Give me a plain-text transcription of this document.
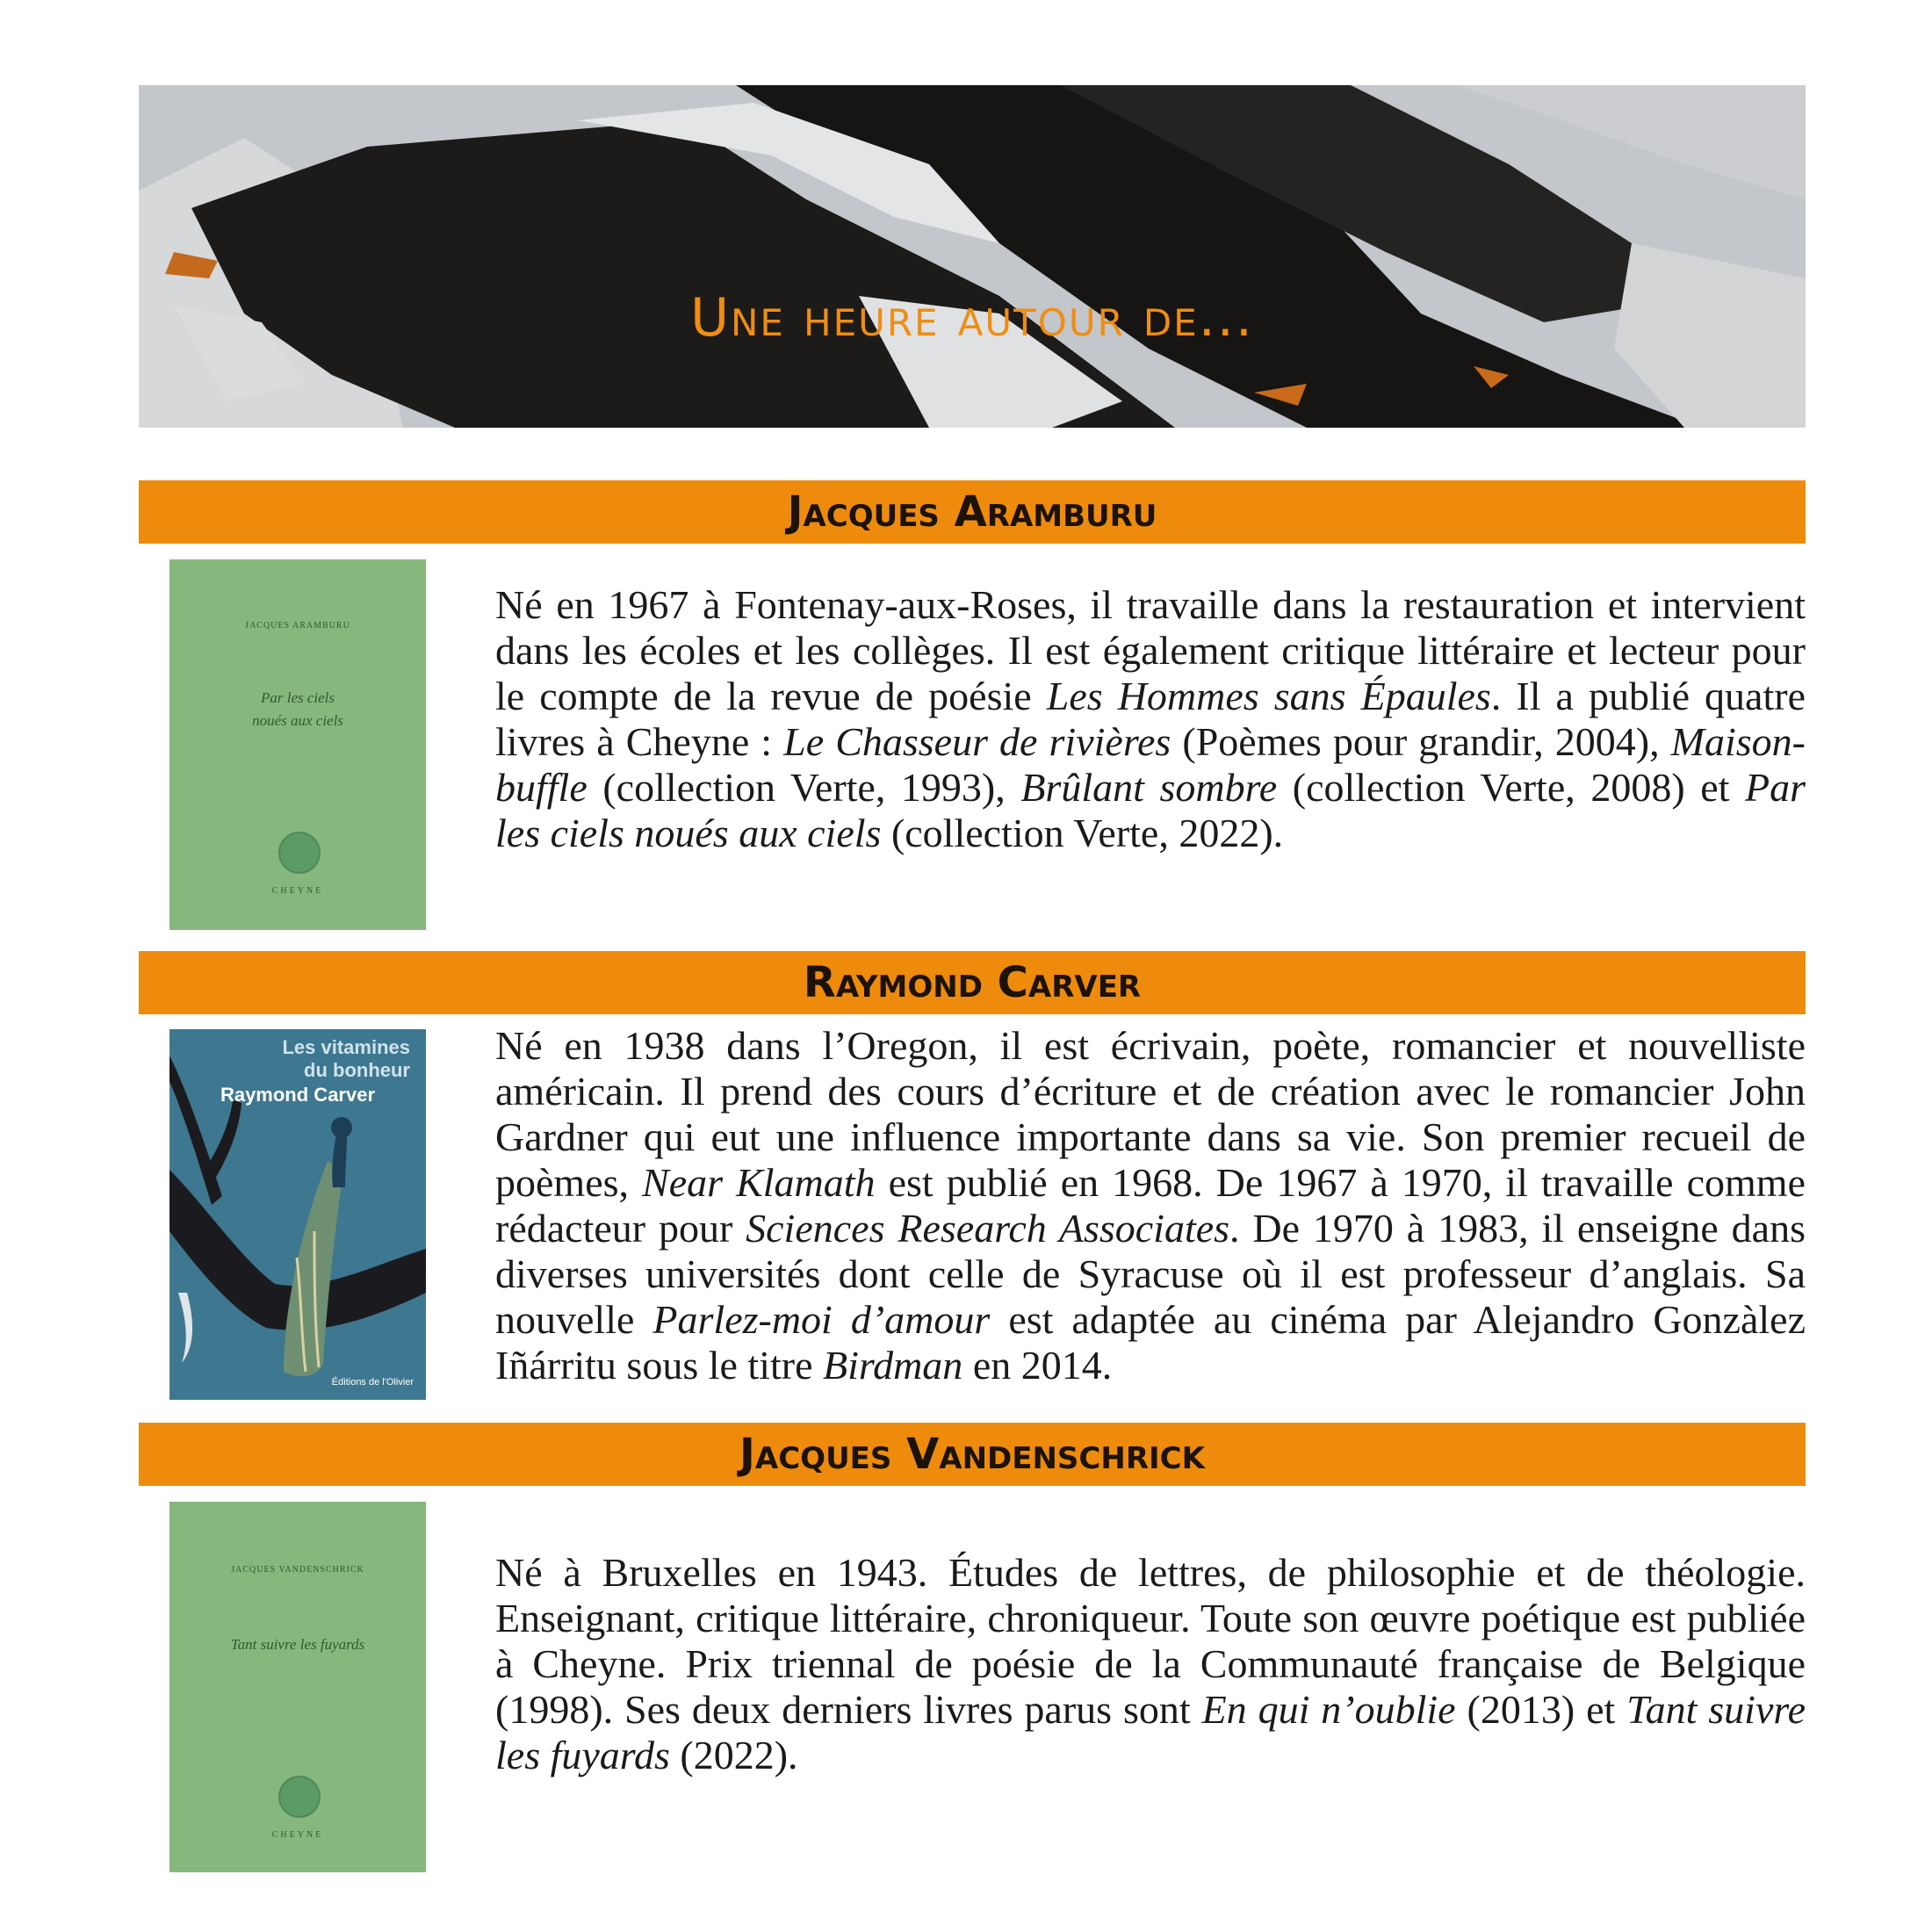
Une heure autour de...
Jacques Aramburu
JACQUES ARAMBURU
Par les ciels
noués aux ciels
CHEYNE

Né en 1967 à Fontenay-aux-Roses, il travaille dans la restauration et intervient dans les écoles et les collèges. Il est également critique littéraire et lecteur pour le compte de la revue de poésie Les Hommes sans Épaules. Il a publié quatre livres à Cheyne : Le Chasseur de rivières (Poèmes pour grandir, 2004), Maison-buffle (collection Verte, 1993), Brûlant sombre (collection Verte, 2008) et Par les ciels noués aux ciels (collection Verte, 2022).

Raymond Carver
Les vitamines
du bonheur
Raymond Carver
Éditions de l'Olivier

Né en 1938 dans l’Oregon, il est écrivain, poète, romancier et nouvelliste américain. Il prend des cours d’écriture et de création avec le romancier John Gardner qui eut une influence importante dans sa vie. Son premier recueil de poèmes, Near Klamath est publié en 1968. De 1967 à 1970, il travaille comme rédacteur pour Sciences Research Associates. De 1970 à 1983, il enseigne dans diverses universités dont celle de Syracuse où il est professeur d’anglais. Sa nouvelle Parlez-moi d’amour est adaptée au cinéma par Alejandro Gonzàlez Iñárritu sous le titre Birdman en 2014.

Jacques Vandenschrick
JACQUES VANDENSCHRICK
Tant suivre les fuyards
CHEYNE

Né à Bruxelles en 1943. Études de lettres, de philosophie et de théologie. Enseignant, critique littéraire, chroniqueur. Toute son œuvre poétique est publiée à Cheyne. Prix triennal de poésie de la Communauté française de Belgique (1998). Ses deux derniers livres parus sont En qui n’oublie (2013) et Tant suivre les fuyards (2022).
